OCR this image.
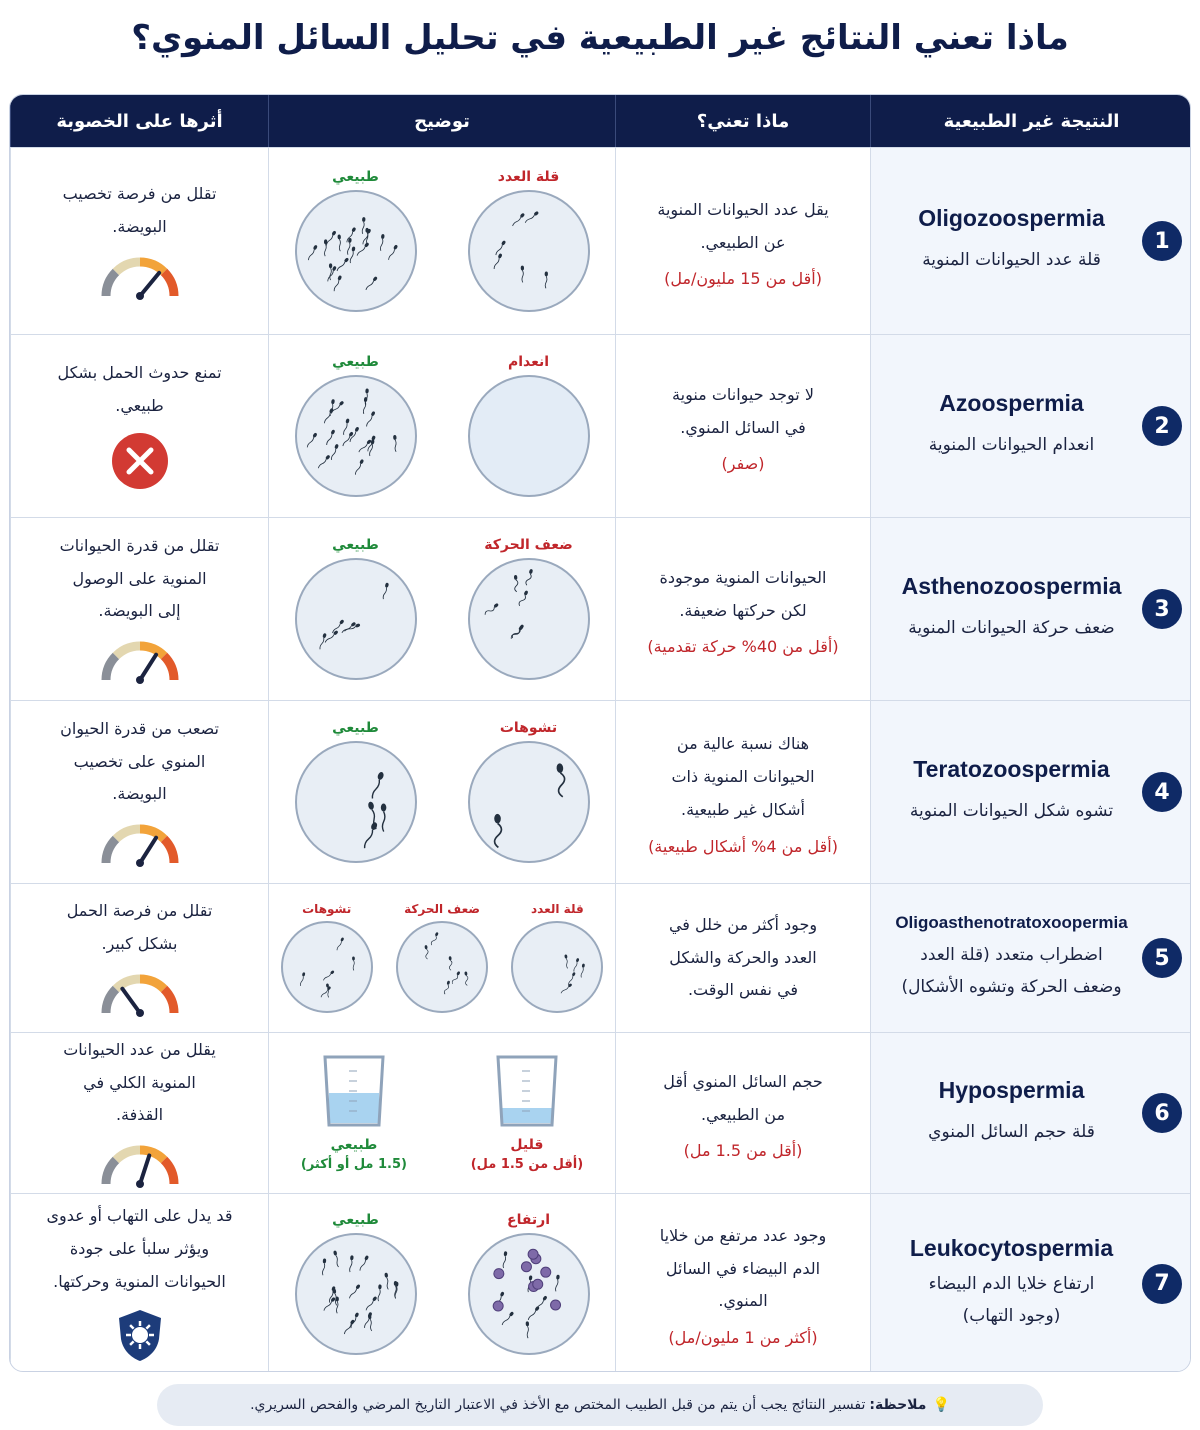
ماذا تعني النتائج غير الطبيعية في تحليل السائل المنوي؟
النتيجة غير الطبيعية
ماذا تعني؟
توضيح
أثرها على الخصوبة
1
Oligozoospermia
قلة عدد الحيوانات المنوية
يقل عدد الحيوانات المنوية
عن الطبيعي.
(أقل من 15 مليون/مل)
قلة العدد
طبيعي
تقلل من فرصة تخصيب
البويضة.
2
Azoospermia
انعدام الحيوانات المنوية
لا توجد حيوانات منوية
في السائل المنوي.
(صفر)
انعدام
طبيعي
تمنع حدوث الحمل بشكل
طبيعي.
3
Asthenozoospermia
ضعف حركة الحيوانات المنوية
الحيوانات المنوية موجودة
لكن حركتها ضعيفة.
(أقل من 40% حركة تقدمية)
ضعف الحركة
طبيعي
تقلل من قدرة الحيوانات
المنوية على الوصول
إلى البويضة.
4
Teratozoospermia
تشوه شكل الحيوانات المنوية
هناك نسبة عالية من
الحيوانات المنوية ذات
أشكال غير طبيعية.
(أقل من 4% أشكال طبيعية)
تشوهات
طبيعي
تصعب من قدرة الحيوان
المنوي على تخصيب
البويضة.
5
Oligoasthenotratoxoopermia
اضطراب متعدد (قلة العدد
وضعف الحركة وتشوه الأشكال)
وجود أكثر من خلل في
العدد والحركة والشكل
في نفس الوقت.
قلة العدد
ضعف الحركة
تشوهات
تقلل من فرصة الحمل
بشكل كبير.
6
Hypospermia
قلة حجم السائل المنوي
حجم السائل المنوي أقل
من الطبيعي.
(أقل من 1.5 مل)
قليل
(أقل من 1.5 مل)
طبيعي
(1.5 مل أو أكثر)
يقلل من عدد الحيوانات
المنوية الكلي في
القذفة.
7
Leukocytospermia
ارتفاع خلايا الدم البيضاء
(وجود التهاب)
وجود عدد مرتفع من خلايا
الدم البيضاء في السائل
المنوي.
(أكثر من 1 مليون/مل)
ارتفاع
طبيعي
قد يدل على التهاب أو عدوى
ويؤثر سلبأ على جودة
الحيوانات المنوية وحركتها.
💡
ملاحظة:
تفسير النتائج يجب أن يتم من قبل الطبيب المختص مع الأخذ في الاعتبار التاريخ المرضي والفحص السريري.
